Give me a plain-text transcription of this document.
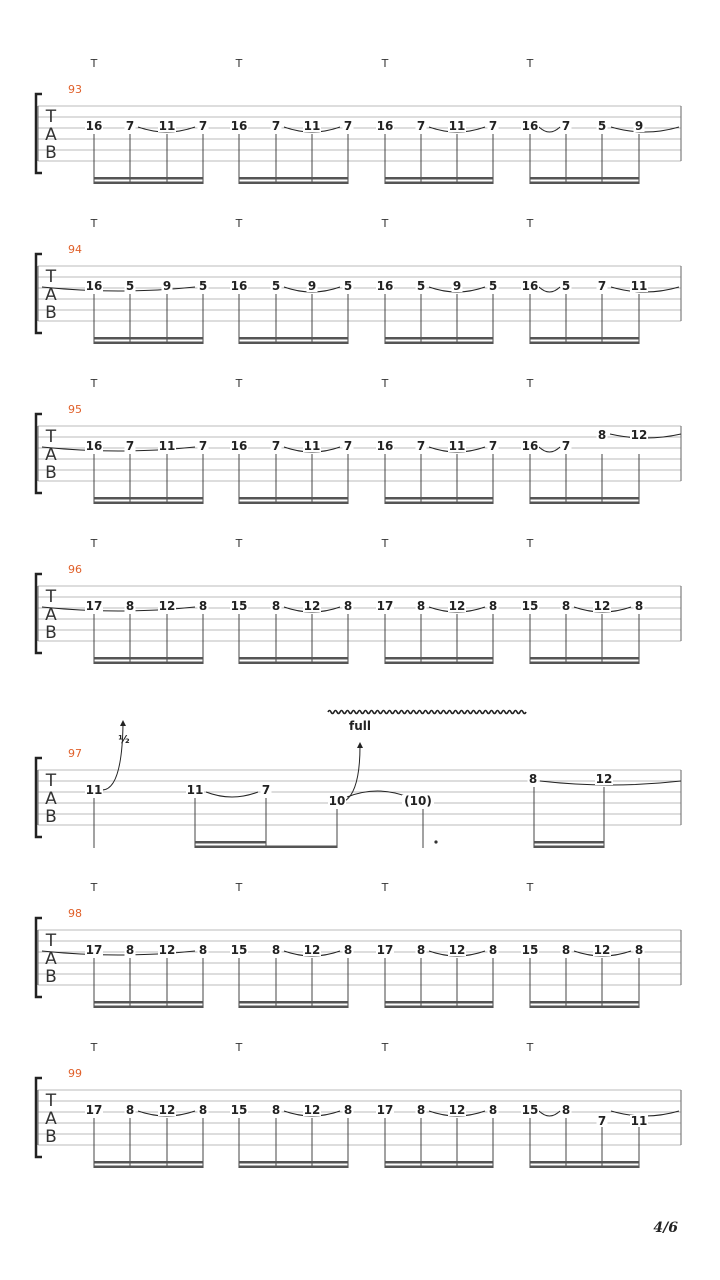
T
A
B
93
T	T	T	T
16 7 11 7 16 7 11 7 16 7 11 7 16 7 5 9
T
A
B
94
T	T	T	T
16 5 9 5 16 5 9 5 16 5 9 5 16 5 7 11
T
A
B
95
T	T	T	T
16 7 11 7 16 7 11 7 16 7 11 7 16 7
8 12
T
A
B
96
T	T	T	T
17 8 12 8 15 8 12 8 17 8 12 8 15 8 12 8
T
A
B
97
½
full
11	11	7
10	(10)
8	12
T
A
B
98
T	T	T	T
17 8 12 8 15 8 12 8 17 8 12 8 15 8 12 8
T
A
B
99
T	T	T	T
17 8 12 8 15 8 12 8 17 8 12 8 15 8
7 11
4/6
